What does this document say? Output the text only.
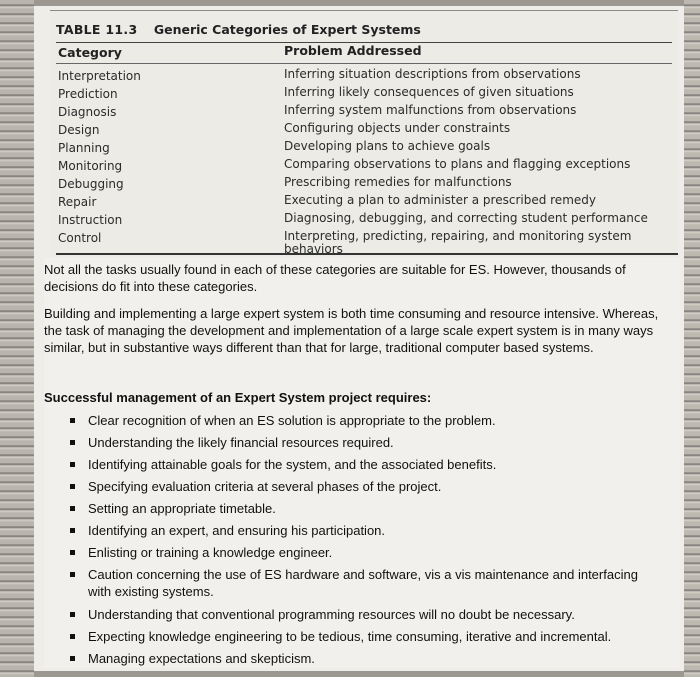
TABLE 11.3 Generic Categories of Expert Systems
Category	Problem Addressed
Interpretation	Inferring situation descriptions from observations
Prediction	Inferring likely consequences of given situations
Diagnosis	Inferring system malfunctions from observations
Design	Configuring objects under constraints
Planning	Developing plans to achieve goals
Monitoring	Comparing observations to plans and flagging exceptions
Debugging	Prescribing remedies for malfunctions
Repair	Executing a plan to administer a prescribed remedy
Instruction	Diagnosing, debugging, and correcting student performance
Control	Interpreting, predicting, repairing, and monitoring system behaviors
Not all the tasks usually found in each of these categories are suitable for ES. However, thousands of decisions do fit into these categories.
Building and implementing a large expert system is both time consuming and resource intensive. Whereas, the task of managing the development and implementation of a large scale expert system is in many ways similar, but in substantive ways different than that for large, traditional computer based systems.
Successful management of an Expert System project requires:
Clear recognition of when an ES solution is appropriate to the problem.
Understanding the likely financial resources required.
Identifying attainable goals for the system, and the associated benefits.
Specifying evaluation criteria at several phases of the project.
Setting an appropriate timetable.
Identifying an expert, and ensuring his participation.
Enlisting or training a knowledge engineer.
Caution concerning the use of ES hardware and software, vis a vis maintenance and interfacing with existing systems.
Understanding that conventional programming resources will no doubt be necessary.
Expecting knowledge engineering to be tedious, time consuming, iterative and incremental.
Managing expectations and skepticism.
